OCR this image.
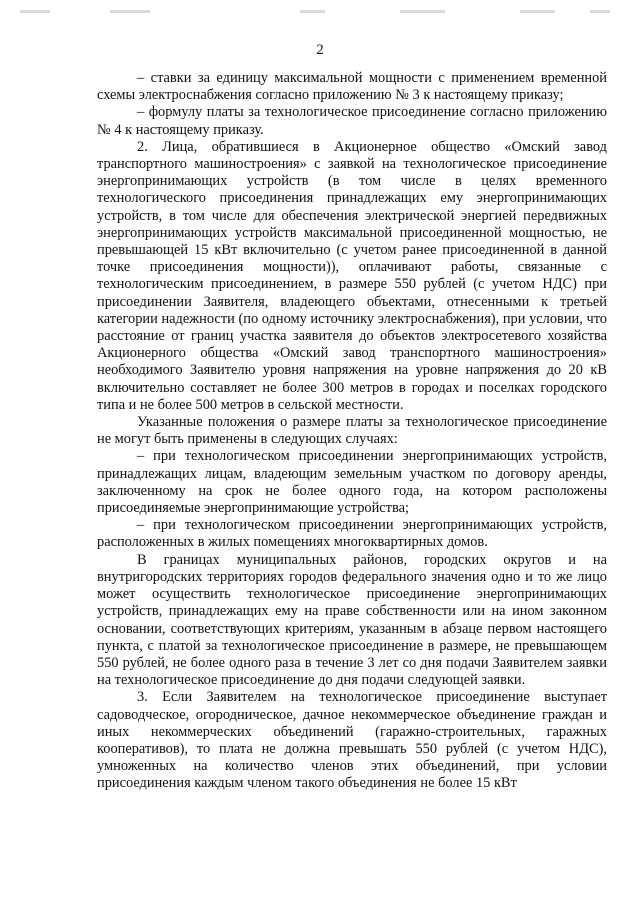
2

– ставки за единицу максимальной мощности с применением временной схемы электроснабжения согласно приложению № 3 к настоящему приказу;

– формулу платы за технологическое присоединение согласно приложению № 4 к настоящему приказу.

2. Лица, обратившиеся в Акционерное общество «Омский завод транспортного машиностроения» с заявкой на технологическое присоединение энергопринимающих устройств (в том числе в целях временного технологического присоединения принадлежащих ему энергопринимающих устройств, в том числе для обеспечения электрической энергией передвижных энергопринимающих устройств максимальной присоединенной мощностью, не превышающей 15 кВт включительно (с учетом ранее присоединенной в данной точке присоединения мощности)), оплачивают работы, связанные с технологическим присоединением, в размере 550 рублей (с учетом НДС) при присоединении Заявителя, владеющего объектами, отнесенными к третьей категории надежности (по одному источнику электроснабжения), при условии, что расстояние от границ участка заявителя до объектов электросетевого хозяйства Акционерного общества «Омский завод транспортного машиностроения» необходимого Заявителю уровня напряжения на уровне напряжения до 20 кВ включительно составляет не более 300 метров в городах и поселках городского типа и не более 500 метров в сельской местности.

Указанные положения о размере платы за технологическое присоединение не могут быть применены в следующих случаях:

– при технологическом присоединении энергопринимающих устройств, принадлежащих лицам, владеющим земельным участком по договору аренды, заключенному на срок не более одного года, на котором расположены присоединяемые энергопринимающие устройства;

– при технологическом присоединении энергопринимающих устройств, расположенных в жилых помещениях многоквартирных домов.

В границах муниципальных районов, городских округов и на внутригородских территориях городов федерального значения одно и то же лицо может осуществить технологическое присоединение энергопринимающих устройств, принадлежащих ему на праве собственности или на ином законном основании, соответствующих критериям, указанным в абзаце первом настоящего пункта, с платой за технологическое присоединение в размере, не превышающем 550 рублей, не более одного раза в течение 3 лет со дня подачи Заявителем заявки на технологическое присоединение до дня подачи следующей заявки.

3. Если Заявителем на технологическое присоединение выступает садоводческое, огородническое, дачное некоммерческое объединение граждан и иных некоммерческих объединений (гаражно-строительных, гаражных кооперативов), то плата не должна превышать 550 рублей (с учетом НДС), умноженных на количество членов этих объединений, при условии присоединения каждым членом такого объединения не более 15 кВт
